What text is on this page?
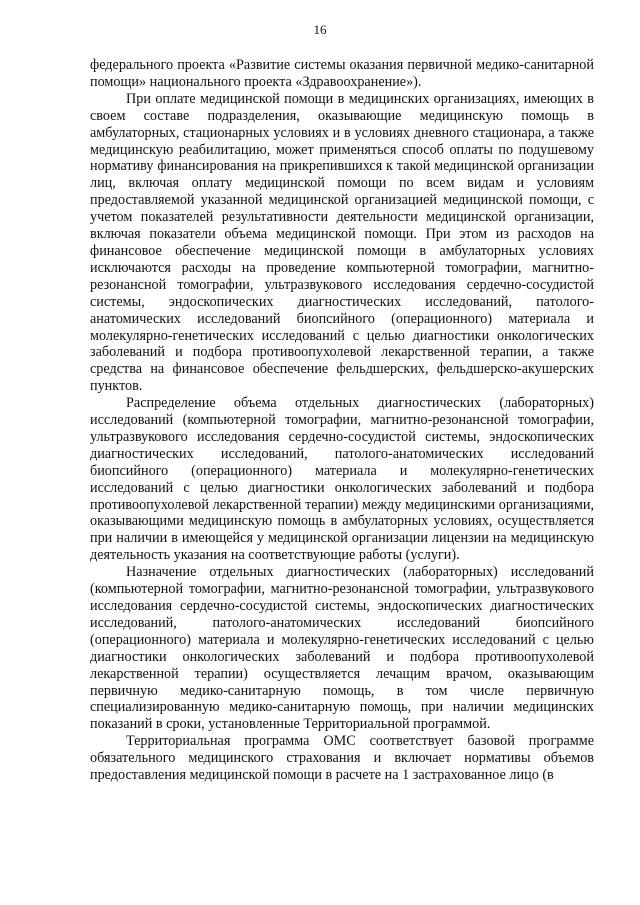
16

федерального проекта «Развитие системы оказания первичной медико-санитарной помощи» национального проекта «Здравоохранение»).

При оплате медицинской помощи в медицинских организациях, имеющих в своем составе подразделения, оказывающие медицинскую помощь в амбулаторных, стационарных условиях и в условиях дневного стационара, а также медицинскую реабилитацию, может применяться способ оплаты по подушевому нормативу финансирования на прикрепившихся к такой медицинской организации лиц, включая оплату медицинской помощи по всем видам и условиям предоставляемой указанной медицинской организацией медицинской помощи, с учетом показателей результативности деятельности медицинской организации, включая показатели объема медицинской помощи. При этом из расходов на финансовое обеспечение медицинской помощи в амбулаторных условиях исключаются расходы на проведение компьютерной томографии, магнитно-резонансной томографии, ультразвукового исследования сердечно-сосудистой системы, эндоскопических диагностических исследований, патолого-анатомических исследований биопсийного (операционного) материала и молекулярно-генетических исследований с целью диагностики онкологических заболеваний и подбора противоопухолевой лекарственной терапии, а также средства на финансовое обеспечение фельдшерских, фельдшерско-акушерских пунктов.

Распределение объема отдельных диагностических (лабораторных) исследований (компьютерной томографии, магнитно-резонансной томографии, ультразвукового исследования сердечно-сосудистой системы, эндоскопических диагностических исследований, патолого-анатомических исследований биопсийного (операционного) материала и молекулярно-генетических исследований с целью диагностики онкологических заболеваний и подбора противоопухолевой лекарственной терапии) между медицинскими организациями, оказывающими медицинскую помощь в амбулаторных условиях, осуществляется при наличии в имеющейся у медицинской организации лицензии на медицинскую деятельность указания на соответствующие работы (услуги).

Назначение отдельных диагностических (лабораторных) исследований (компьютерной томографии, магнитно-резонансной томографии, ультразвукового исследования сердечно-сосудистой системы, эндоскопических диагностических исследований, патолого-анатомических исследований биопсийного (операционного) материала и молекулярно-генетических исследований с целью диагностики онкологических заболеваний и подбора противоопухолевой лекарственной терапии) осуществляется лечащим врачом, оказывающим первичную медико-санитарную помощь, в том числе первичную специализированную медико-санитарную помощь, при наличии медицинских показаний в сроки, установленные Территориальной программой.

Территориальная программа ОМС соответствует базовой программе обязательного медицинского страхования и включает нормативы объемов предоставления медицинской помощи в расчете на 1 застрахованное лицо (в
